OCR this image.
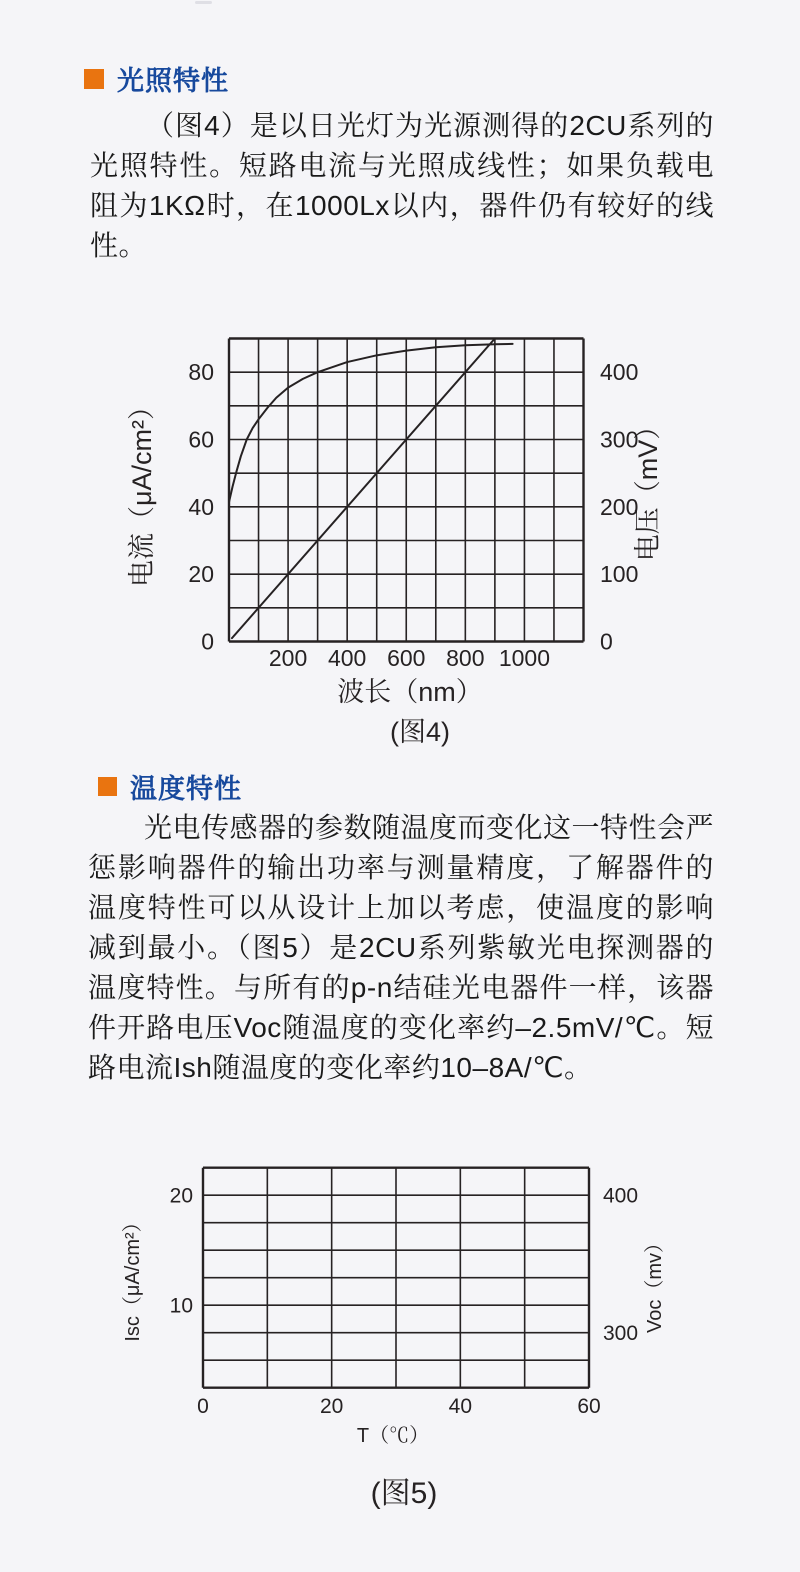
光照特性

（图4）是以日光灯为光源测得的2CU系列的光照特性。短路电流与光照成线性；如果负载电阻为1KΩ时，在1000Lx以内，器件仍有较好的线性。

200 400 600 800 1000
0
20
40
60
80
0
100
200
300
400
电流（μA/cm²）	电压（mV）
波长（nm）
(图4)
温度特性

光电传感器的参数随温度而变化这一特性会严惩影响器件的输出功率与测量精度，了解器件的温度特性可以从设计上加以考虑，使温度的影响减到最小。（图5）是2CU系列紫敏光电探测器的温度特性。与所有的p-n结硅光电器件一样，该器件开路电压Voc随温度的变化率约–2.5mV/℃。短路电流Ish随温度的变化率约10–8A/℃。

0	20	40	60
10
20
300
400
Isc（μA/cm²）	Voc（mv）
T（℃）
(图5)
